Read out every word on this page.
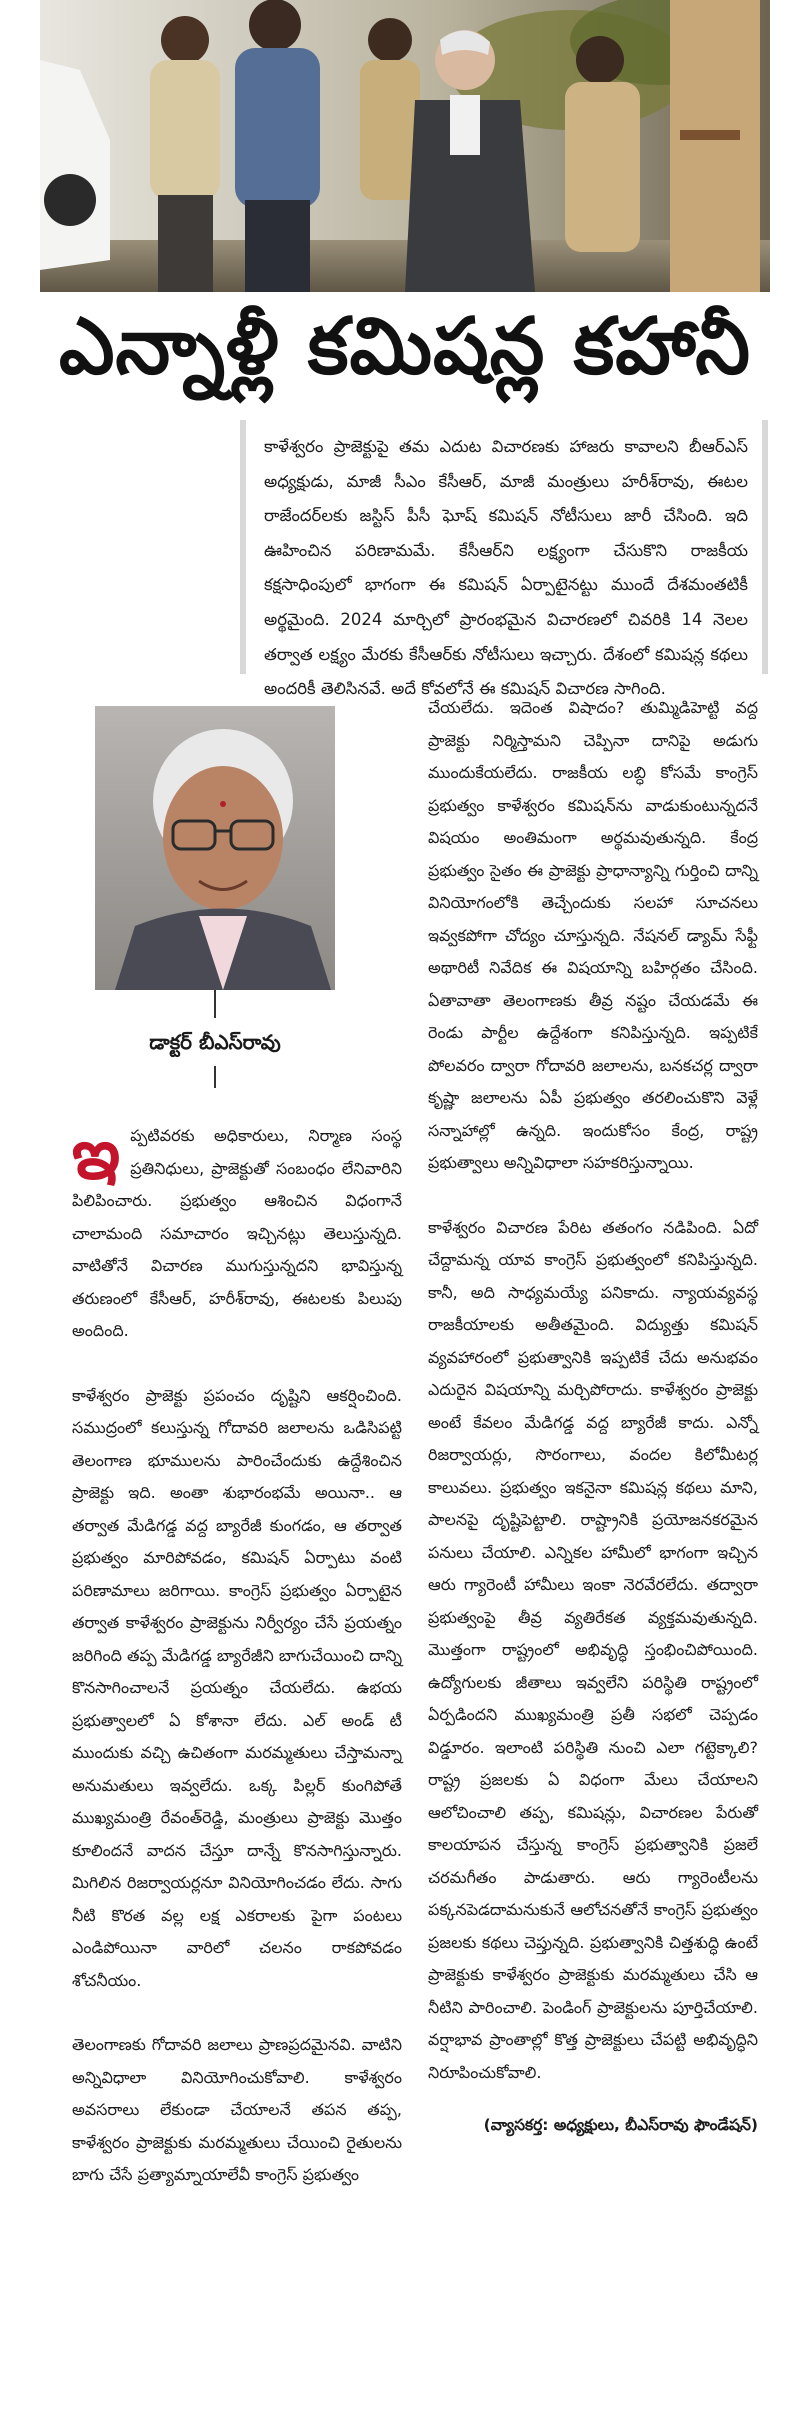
ఎన్నాళ్లీ కమిషన్ల కహానీ

కాళేశ్వరం ప్రాజెక్టుపై తమ ఎదుట విచారణకు హాజరు కావాలని బీఆర్‌ఎస్ అధ్యక్షుడు, మాజీ సీఎం కేసీఆర్, మాజీ మంత్రులు హరీశ్‌రావు, ఈటల రాజేందర్‌లకు జస్టిస్ పీసీ ఘోష్ కమిషన్ నోటీసులు జారీ చేసింది. ఇది ఊహించిన పరిణామమే. కేసీఆర్‌ని లక్ష్యంగా చేసుకొని రాజకీయ కక్షసాధింపులో భాగంగా ఈ కమిషన్ ఏర్పాటైనట్టు ముందే దేశమంతటికీ అర్థమైంది. 2024 మార్చిలో ప్రారంభమైన విచారణలో చివరికి 14 నెలల తర్వాత లక్ష్యం మేరకు కేసీఆర్‌కు నోటీసులు ఇచ్చారు. దేశంలో కమిషన్ల కథలు అందరికీ తెలిసినవే. అదే కోవలోనే ఈ కమిషన్ విచారణ సాగింది.

డాక్టర్ బీఎస్‌రావు

ఇప్పటివరకు అధికారులు, నిర్మాణ సంస్థ ప్రతినిధులు, ప్రాజెక్టుతో సంబంధం లేనివారిని పిలిపించారు. ప్రభుత్వం ఆశించిన విధంగానే చాలామంది సమాచారం ఇచ్చినట్లు తెలుస్తున్నది. వాటితోనే విచారణ ముగుస్తున్నదని భావిస్తున్న తరుణంలో కేసీఆర్, హరీశ్‌రావు, ఈటలకు పిలుపు అందింది.

కాళేశ్వరం ప్రాజెక్టు ప్రపంచం దృష్టిని ఆకర్షించింది. సముద్రంలో కలుస్తున్న గోదావరి జలాలను ఒడిసిపట్టి తెలంగాణ భూములను పారించేందుకు ఉద్దేశించిన ప్రాజెక్టు ఇది. అంతా శుభారంభమే అయినా.. ఆ తర్వాత మేడిగడ్డ వద్ద బ్యారేజీ కుంగడం, ఆ తర్వాత ప్రభుత్వం మారిపోవడం, కమిషన్ ఏర్పాటు వంటి పరిణామాలు జరిగాయి. కాంగ్రెస్ ప్రభుత్వం ఏర్పాటైన తర్వాత కాళేశ్వరం ప్రాజెక్టును నిర్వీర్యం చేసే ప్రయత్నం జరిగింది తప్ప మేడిగడ్డ బ్యారేజీని బాగుచేయించి దాన్ని కొనసాగించాలనే ప్రయత్నం చేయలేదు. ఉభయ ప్రభుత్వాలలో ఏ కోశానా లేదు. ఎల్ అండ్ టీ ముందుకు వచ్చి ఉచితంగా మరమ్మతులు చేస్తామన్నా అనుమతులు ఇవ్వలేదు. ఒక్క పిల్లర్ కుంగిపోతే ముఖ్యమంత్రి రేవంత్‌రెడ్డి, మంత్రులు ప్రాజెక్టు మొత్తం కూలిందనే వాదన చేస్తూ దాన్నే కొనసాగిస్తున్నారు. మిగిలిన రిజర్వాయర్లనూ వినియోగించడం లేదు. సాగు నీటి కొరత వల్ల లక్ష ఎకరాలకు పైగా పంటలు ఎండిపోయినా వారిలో చలనం రాకపోవడం శోచనీయం.

తెలంగాణకు గోదావరి జలాలు ప్రాణప్రదమైనవి. వాటిని అన్నివిధాలా వినియోగించుకోవాలి. కాళేశ్వరం అవసరాలు లేకుండా చేయాలనే తపన తప్ప, కాళేశ్వరం ప్రాజెక్టుకు మరమ్మతులు చేయించి రైతులను బాగు చేసే ప్రత్యామ్నాయాలేవీ కాంగ్రెస్ ప్రభుత్వం

చేయలేదు. ఇదెంత విషాదం? తుమ్మిడిహెట్టి వద్ద ప్రాజెక్టు నిర్మిస్తామని చెప్పినా దానిపై అడుగు ముందుకేయలేదు. రాజకీయ లబ్ధి కోసమే కాంగ్రెస్ ప్రభుత్వం కాళేశ్వరం కమిషన్‌ను వాడుకుంటున్నదనే విషయం అంతిమంగా అర్థమవుతున్నది. కేంద్ర ప్రభుత్వం సైతం ఈ ప్రాజెక్టు ప్రాధాన్యాన్ని గుర్తించి దాన్ని వినియోగంలోకి తెచ్చేందుకు సలహా సూచనలు ఇవ్వకపోగా చోద్యం చూస్తున్నది. నేషనల్ డ్యామ్ సేఫ్టీ అథారిటీ నివేదిక ఈ విషయాన్ని బహిర్గతం చేసింది. ఏతావాతా తెలంగాణకు తీవ్ర నష్టం చేయడమే ఈ రెండు పార్టీల ఉద్దేశంగా కనిపిస్తున్నది. ఇప్పటికే పోలవరం ద్వారా గోదావరి జలాలను, బనకచర్ల ద్వారా కృష్ణా జలాలను ఏపీ ప్రభుత్వం తరలించుకొని వెళ్లే సన్నాహాల్లో ఉన్నది. ఇందుకోసం కేంద్ర, రాష్ట్ర ప్రభుత్వాలు అన్నివిధాలా సహకరిస్తున్నాయి.

కాళేశ్వరం విచారణ పేరిట తతంగం నడిపింది. ఏదో చేద్దామన్న యావ కాంగ్రెస్ ప్రభుత్వంలో కనిపిస్తున్నది. కానీ, అది సాధ్యమయ్యే పనికాదు. న్యాయవ్యవస్థ రాజకీయాలకు అతీతమైంది. విద్యుత్తు కమిషన్ వ్యవహారంలో ప్రభుత్వానికి ఇప్పటికే చేదు అనుభవం ఎదురైన విషయాన్ని మర్చిపోరాదు. కాళేశ్వరం ప్రాజెక్టు అంటే కేవలం మేడిగడ్డ వద్ద బ్యారేజీ కాదు. ఎన్నో రిజర్వాయర్లు, సొరంగాలు, వందల కిలోమీటర్ల కాలువలు. ప్రభుత్వం ఇకనైనా కమిషన్ల కథలు మాని, పాలనపై దృష్టిపెట్టాలి. రాష్ట్రానికి ప్రయోజనకరమైన పనులు చేయాలి. ఎన్నికల హామీలో భాగంగా ఇచ్చిన ఆరు గ్యారెంటీ హామీలు ఇంకా నెరవేరలేదు. తద్వారా ప్రభుత్వంపై తీవ్ర వ్యతిరేకత వ్యక్తమవుతున్నది. మొత్తంగా రాష్ట్రంలో అభివృద్ధి స్తంభించిపోయింది. ఉద్యోగులకు జీతాలు ఇవ్వలేని పరిస్థితి రాష్ట్రంలో ఏర్పడిందని ముఖ్యమంత్రి ప్రతీ సభలో చెప్పడం విడ్డూరం. ఇలాంటి పరిస్థితి నుంచి ఎలా గట్టెక్కాలి? రాష్ట్ర ప్రజలకు ఏ విధంగా మేలు చేయాలని ఆలోచించాలి తప్ప, కమిషన్లు, విచారణల పేరుతో కాలయాపన చేస్తున్న కాంగ్రెస్ ప్రభుత్వానికి ప్రజలే చరమగీతం పాడుతారు. ఆరు గ్యారెంటీలను పక్కనపెడదామనుకునే ఆలోచనతోనే కాంగ్రెస్ ప్రభుత్వం ప్రజలకు కథలు చెప్తున్నది. ప్రభుత్వానికి చిత్తశుద్ధి ఉంటే ప్రాజెక్టుకు కాళేశ్వరం ప్రాజెక్టుకు మరమ్మతులు చేసి ఆ నీటిని పారించాలి. పెండింగ్ ప్రాజెక్టులను పూర్తిచేయాలి. వర్షాభావ ప్రాంతాల్లో కొత్త ప్రాజెక్టులు చేపట్టి అభివృద్ధిని నిరూపించుకోవాలి.

(వ్యాసకర్త: అధ్యక్షులు, బీఎస్‌రావు ఫౌండేషన్)
